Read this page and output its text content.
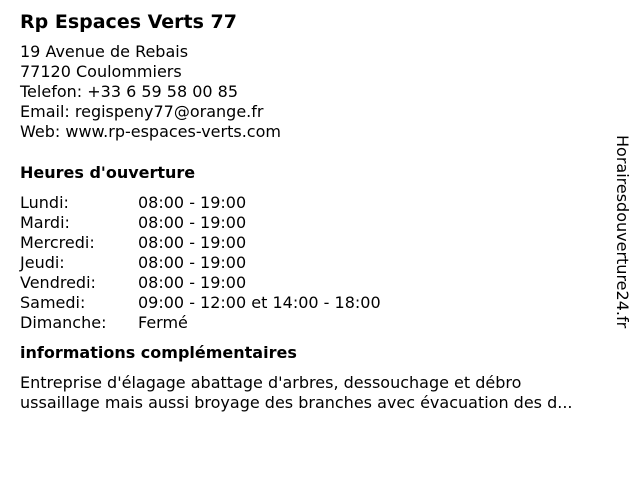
Rp Espaces Verts 77
19 Avenue de Rebais
77120 Coulommiers
Telefon: +33 6 59 58 00 85
Email: regispeny77@orange.fr
Web: www.rp-espaces-verts.com
Heures d'ouverture
Lundi:	08:00 - 19:00
Mardi:	08:00 - 19:00
Mercredi:	08:00 - 19:00
Jeudi:	08:00 - 19:00
Vendredi:	08:00 - 19:00
Samedi:	09:00 - 12:00 et 14:00 - 18:00
Dimanche:	Fermé
informations complémentaires
Entreprise d'élagage abattage d'arbres, dessouchage et débro
ussaillage mais aussi broyage des branches avec évacuation des d...
Horairesdouverture24.fr
